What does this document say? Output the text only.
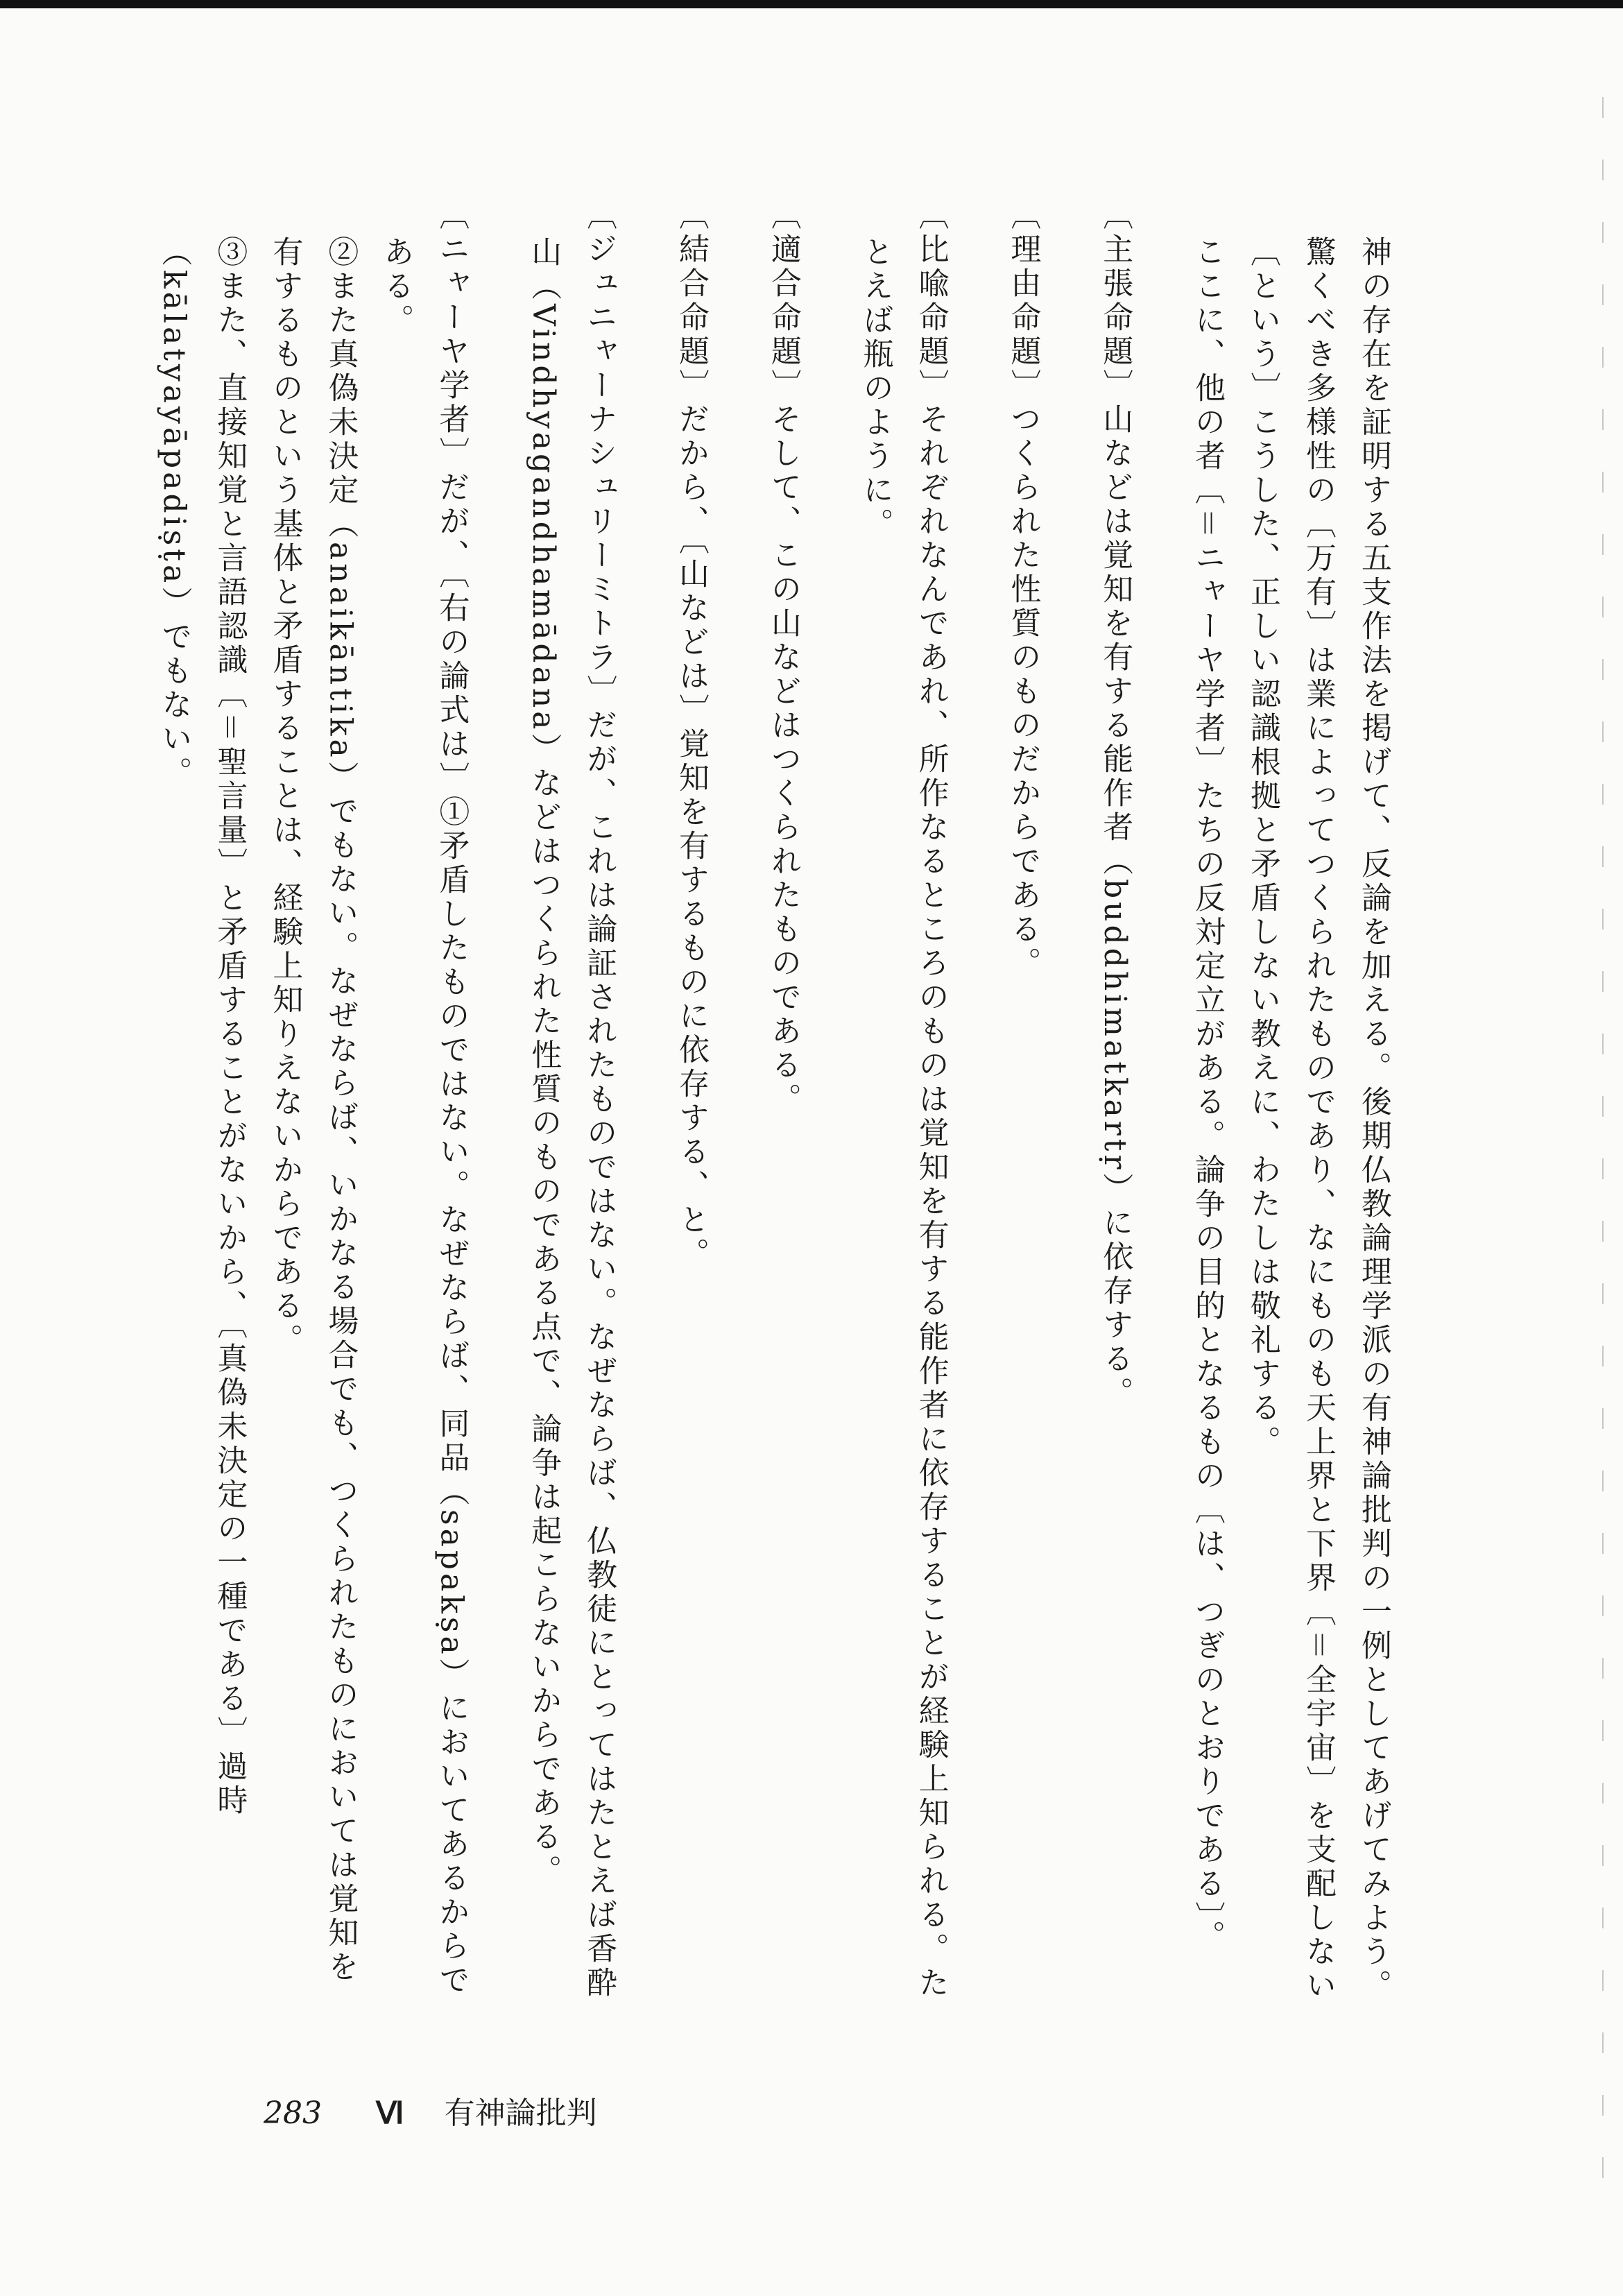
神の存在を証明する五支作法を掲げて、反論を加える。後期仏教論理学派の有神論批判の一例としてあげてみよう。

驚くべき多様性の〔万有〕は業によってつくられたものであり、なにものも天上界と下界〔＝全宇宙〕を支配しない〔という〕こうした、正しい認識根拠と矛盾しない教えに、わたしは敬礼する。

ここに、他の者〔＝ニャーヤ学者〕たちの反対定立がある。論争の目的となるもの〔は、つぎのとおりである〕。

〔主張命題〕山などは覚知を有する能作者（buddhimatkartṛ）に依存する。

〔理由命題〕つくられた性質のものだからである。

〔比喩命題〕それぞれなんであれ、所作なるところのものは覚知を有する能作者に依存することが経験上知られる。たとえば瓶のように。

〔適合命題〕そして、この山などはつくられたものである。

〔結合命題〕だから、〔山などは〕覚知を有するものに依存する、と。

〔ジュニャーナシュリーミトラ〕だが、これは論証されたものではない。なぜならば、仏教徒にとってはたとえば香酔山（Vindhyagandhamādana）などはつくられた性質のものである点で、論争は起こらないからである。

〔ニャーヤ学者〕だが、〔右の論式は〕①矛盾したものではない。なぜならば、同品（sapakṣa）においてあるからである。

②また真偽未決定（anaikāntika）でもない。なぜならば、いかなる場合でも、つくられたものにおいては覚知を有するものという基体と矛盾することは、経験上知りえないからである。

③また、直接知覚と言語認識〔＝聖言量〕と矛盾することがないから、〔真偽未決定の一種である〕過時（kālatyayāpadiṣṭa）でもない。

283 Ⅵ 有神論批判
